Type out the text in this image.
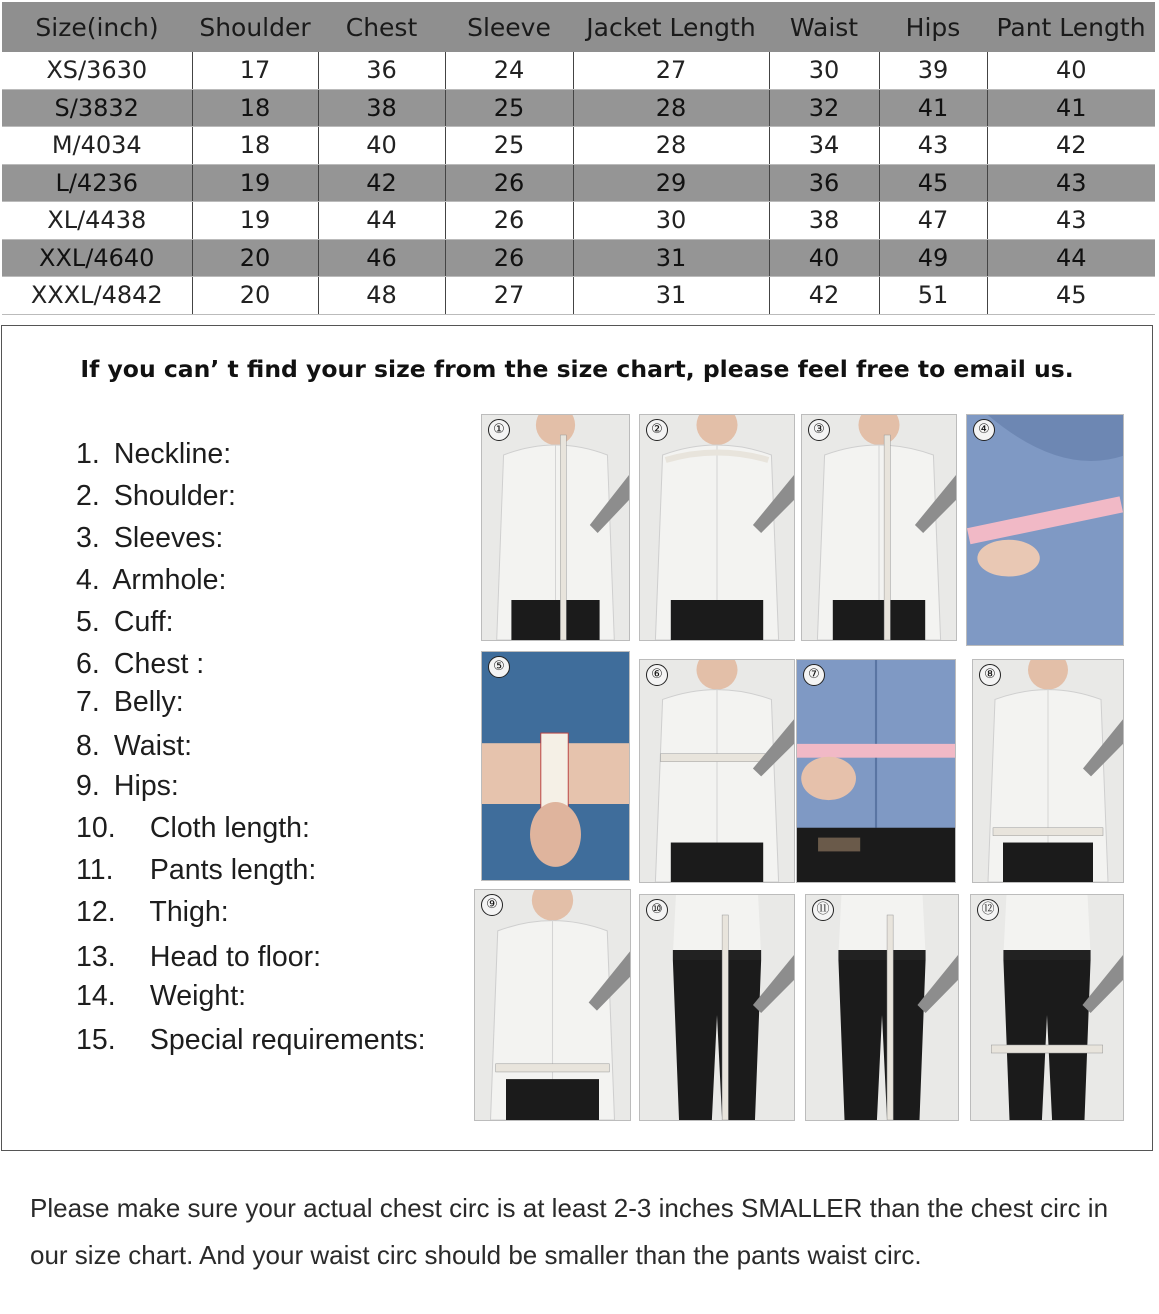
Size(inch)	Shoulder	Chest	Sleeve	Jacket Length	Waist	Hips	Pant Length
XS/3630	17	36	24	27	30	39	40
S/3832	18	38	25	28	32	41	41
M/4034	18	40	25	28	34	43	42
L/4236	19	42	26	29	36	45	43
XL/4438	19	44	26	30	38	47	43
XXL/4640	20	46	26	31	40	49	44
XXXL/4842	20	48	27	31	42	51	45
If you can’ t find your size from the size chart, please feel free to email us.
1. Neckline:
2. Shoulder:
3. Sleeves:
4. Armhole:
5. Cuff:
6. Chest :
7. Belly:
8. Waist:
9. Hips:
10. Cloth length:
11. Pants length:
12. Thigh:
13. Head to floor:
14. Weight:
15. Special requirements:
①	②	③	④
⑤
⑥	⑦	⑧
⑨	⑩	⑪	⑫
Please make sure your actual chest circ is at least 2-3 inches SMALLER than the chest circ in our size chart. And your waist circ should be smaller than the pants waist circ.
